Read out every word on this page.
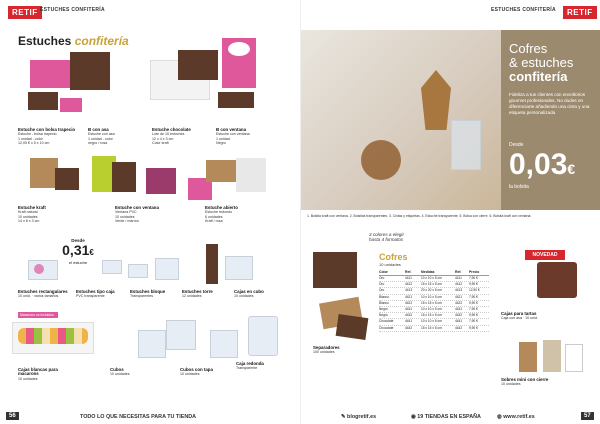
RETIF ESTUCHES CONFITERÍA
Estuches confitería
Estuche con bolsa trapecio
Estuche - bolsa trapecio
1 unidad - color
12,05 € x 5 x 10 cm
B con asa
Estuche con asa
1 unidad - color
negro / rosa
Estuche chocolate
Lote de 10 estuches
12 x 4 x 3 cm
Color kraft
B con ventana
Estuche con ventana
1 unidad
Negro
Estuche kraft
Kraft natural
10 unidades
14 x 8 x 3 cm
Estuche con ventana
Ventana PVC
10 unidades
Verde / marrón
Estuche abierto
Estuche redondo
6 unidades
Kraft / rosa
Desde
0,31€
el estuche
Estuches rectangulares
10 unid. · varios tamaños
Estuches tipo caja
PVC transparente
Estuches bloque
Transparentes
Estuches torre
12 unidades
Cajas en cubo
10 unidades
Macarons no incluidos
Cajas blancas para macarons
10 unidades
Cubos
10 unidades
Cubos con tapa
10 unidades
Caja redonda
Transparente
56	TODO LO QUE NECESITAS PARA TU TIENDA
ESTUCHES CONFITERÍA	RETIF
Cofres
& estuches
confitería
Fideliza a tus clientes con envoltorios gourmet profesionales. No dudes en diferenciarte añadiendo una cinta y una etiqueta personalizada
Desde
0,03€
la bolsita
1. Bolsita kraft con ventana. 2. Bolsitas transparentes. 3. Cintas y etiquetas. 4. Estuche transparente. 5. Bolsa con cierre. 6. Bolsita kraft con ventana.
3 colores a elegir
hasta 4 formatos
Cofres
10 unidades
Color	Ref.	Medidas	Ref.	Precio
Oro	4411	10 x 10 x 5 cm	4411	7,90 €
Oro	4412	15 x 15 x 5 cm	4412	9,90 €
Oro	4413	20 x 20 x 5 cm	4413	12,90 €
Blanco	4421	10 x 10 x 5 cm	4421	7,90 €
Blanco	4422	15 x 15 x 5 cm	4422	9,90 €
Negro	4431	10 x 10 x 5 cm	4431	7,90 €
Negro	4432	15 x 15 x 5 cm	4432	9,90 €
Chocolate	4441	10 x 10 x 5 cm	4441	7,90 €
Chocolate	4442	15 x 15 x 5 cm	4442	9,90 €
Separadores
100 unidades
NOVEDAD
Cajas para tartas
Caja con asa · 10 unid.
Sobres mini con cierre
10 unidades
✎ blogretif.es	◉ 19 TIENDAS EN ESPAÑA	◍ www.retif.es	57
